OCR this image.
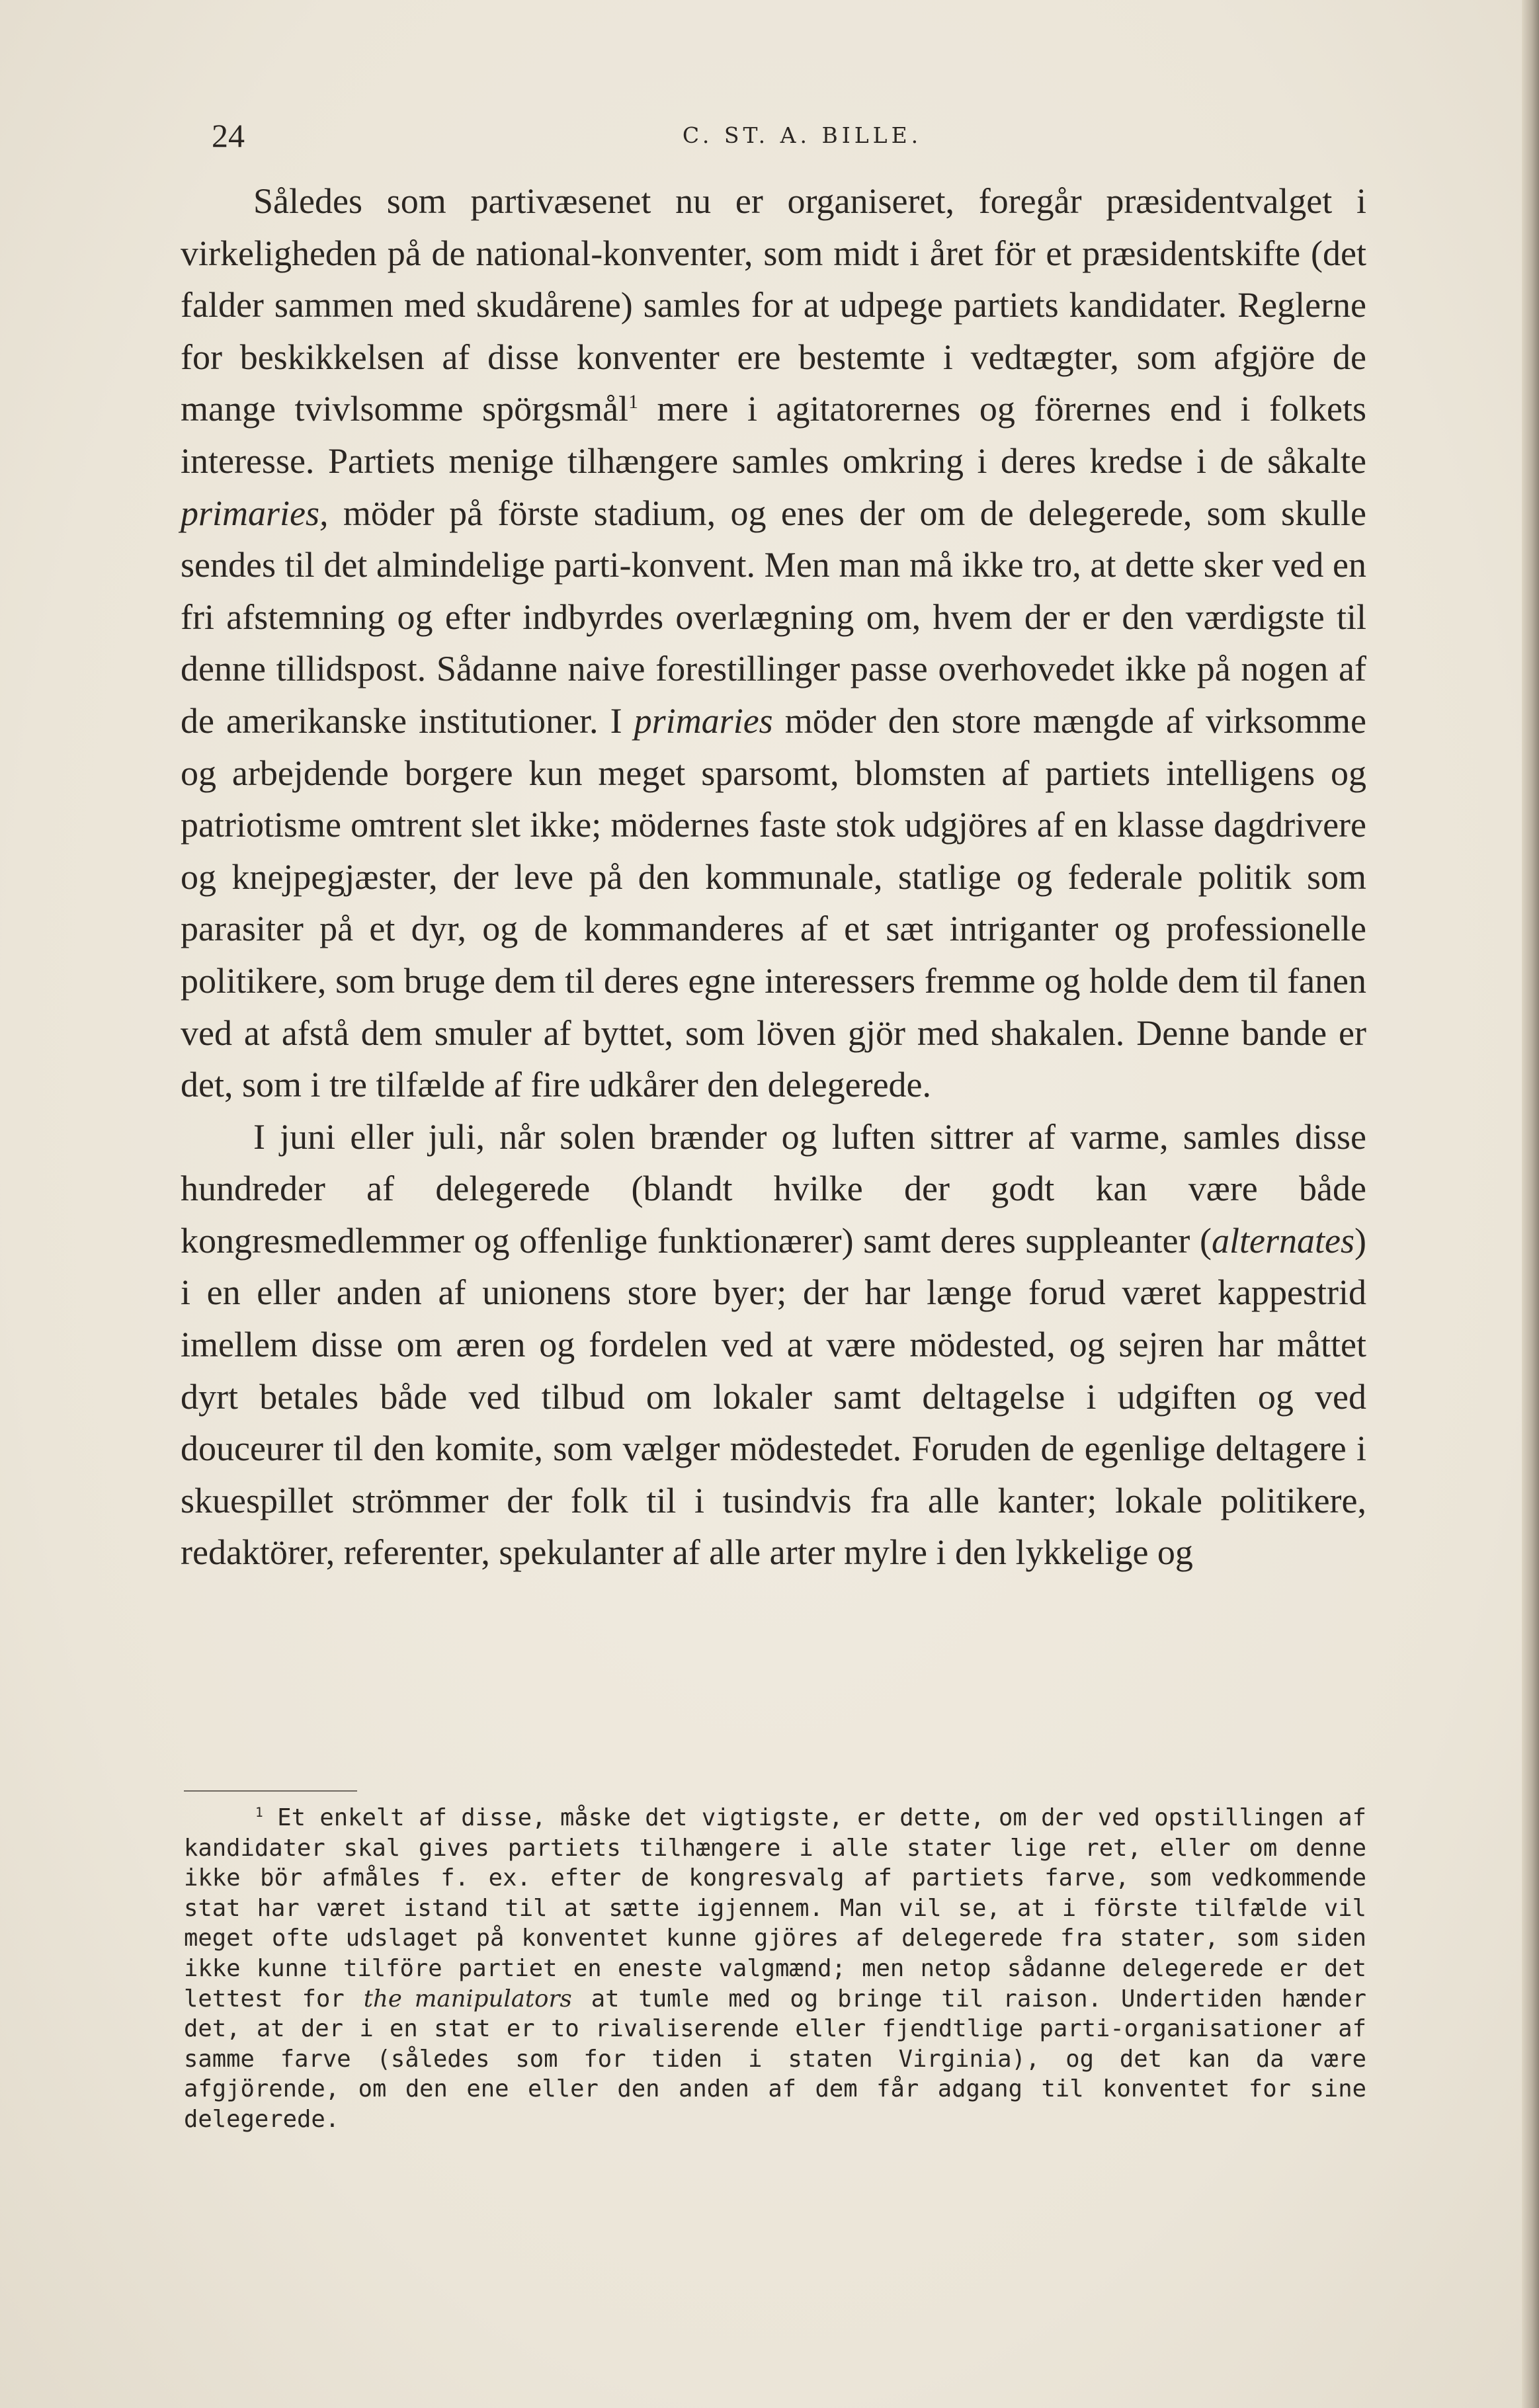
24	C. ST. A. BILLE.

Således som partivæsenet nu er organiseret, foregår præsidentvalget i virkeligheden på de national-konventer, som midt i året för et præsidentskifte (det falder sammen med skudårene) samles for at udpege partiets kandidater. Reglerne for beskikkelsen af disse konventer ere bestemte i vedtægter, som afgjöre de mange tvivlsomme spörgsmål$^1$ mere i agitatorernes og förernes end i folkets interesse. Partiets menige tilhængere samles omkring i deres kredse i de såkalte primaries, möder på förste stadium, og enes der om de delegerede, som skulle sendes til det almindelige parti-konvent. Men man må ikke tro, at dette sker ved en fri afstemning og efter indbyrdes overlægning om, hvem der er den værdigste til denne tillidspost. Sådanne naive forestillinger passe overhovedet ikke på nogen af de amerikanske institutioner. I primaries möder den store mængde af virksomme og arbejdende borgere kun meget sparsomt, blomsten af partiets intelligens og patriotisme omtrent slet ikke; mödernes faste stok udgjöres af en klasse dagdrivere og knejpegjæster, der leve på den kommunale, statlige og federale politik som parasiter på et dyr, og de kommanderes af et sæt intriganter og professionelle politikere, som bruge dem til deres egne interessers fremme og holde dem til fanen ved at afstå dem smuler af byttet, som löven gjör med shakalen. Denne bande er det, som i tre tilfælde af fire udkårer den delegerede.

I juni eller juli, når solen brænder og luften sittrer af varme, samles disse hundreder af delegerede (blandt hvilke der godt kan være både kongresmedlemmer og offenlige funktionærer) samt deres suppleanter (alternates) i en eller anden af unionens store byer; der har længe forud været kappestrid imellem disse om æren og fordelen ved at være mödested, og sejren har måttet dyrt betales både ved tilbud om lokaler samt deltagelse i udgiften og ved douceurer til den komite, som vælger mödestedet. Foruden de egenlige deltagere i skuespillet strömmer der folk til i tusindvis fra alle kanter; lokale politikere, redaktörer, referenter, spekulanter af alle arter mylre i den lykkelige og

$^1$ Et enkelt af disse, måske det vigtigste, er dette, om der ved opstillingen af kandidater skal gives partiets tilhængere i alle stater lige ret, eller om denne ikke bör afmåles f. ex. efter de kongresvalg af partiets farve, som vedkommende stat har været istand til at sætte igjennem. Man vil se, at i förste tilfælde vil meget ofte udslaget på konventet kunne gjöres af delegerede fra stater, som siden ikke kunne tilföre partiet en eneste valgmænd; men netop sådanne delegerede er det lettest for the manipulators at tumle med og bringe til raison. Undertiden hænder det, at der i en stat er to rivaliserende eller fjendtlige parti-organisationer af samme farve (således som for tiden i staten Virginia), og det kan da være afgjörende, om den ene eller den anden af dem får adgang til konventet for sine delegerede.
